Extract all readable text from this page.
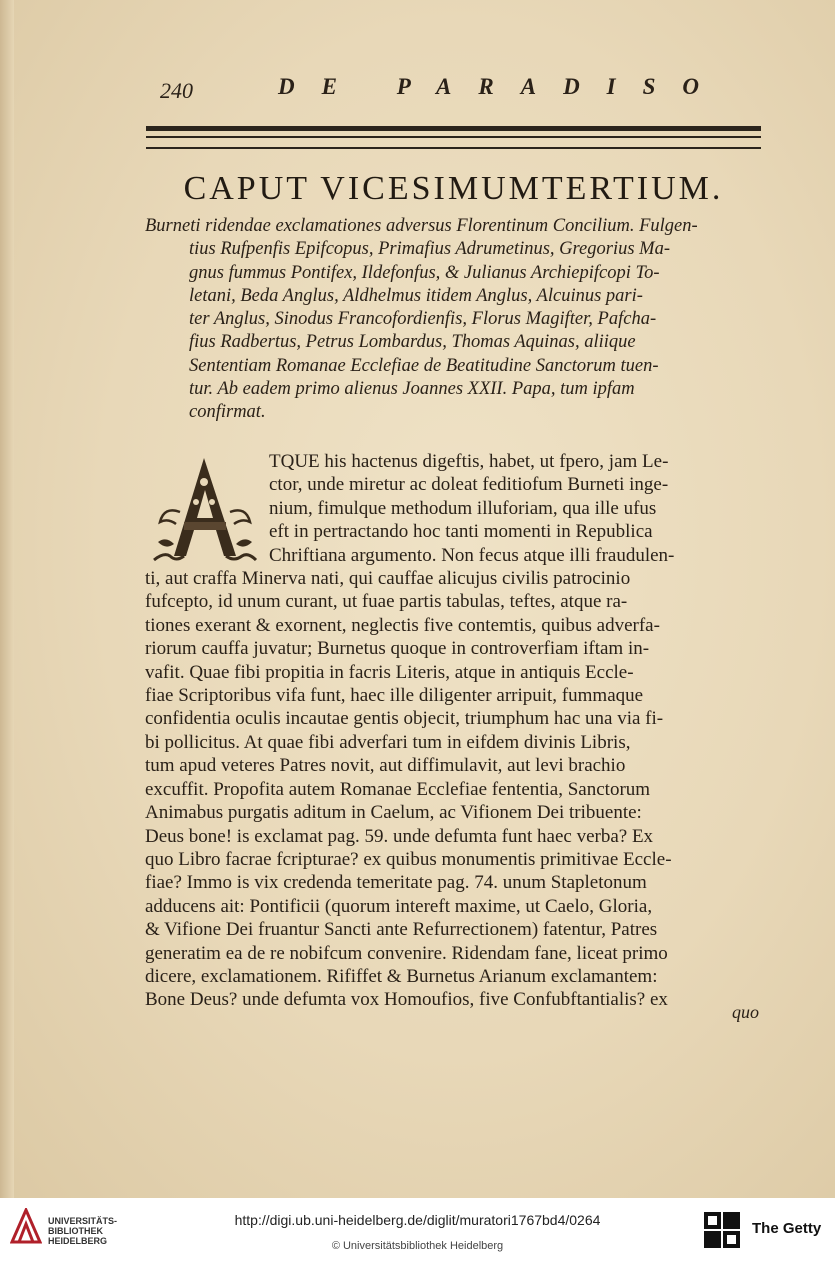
240	DE PARADISO
CAPUT VICESIMUMTERTIUM.
Burneti ridendae exclamationes adversus Florentinum Concilium. Fulgen-
tius Rufpenfis Epifcopus, Primafius Adrumetinus, Gregorius Ma-
gnus fummus Pontifex, Ildefonfus, & Julianus Archiepifcopi To-
letani, Beda Anglus, Aldhelmus itidem Anglus, Alcuinus pari-
ter Anglus, Sinodus Francofordienfis, Florus Magifter, Pafcha-
fius Radbertus, Petrus Lombardus, Thomas Aquinas, aliique
Sententiam Romanae Ecclefiae de Beatitudine Sanctorum tuen-
tur. Ab eadem primo alienus Joannes XXII. Papa, tum ipfam
confirmat.
TQUE his hactenus digeftis, habet, ut fpero, jam Le-
ctor, unde miretur ac doleat feditiofum Burneti inge-
nium, fimulque methodum illuforiam, qua ille ufus
eft in pertractando hoc tanti momenti in Republica
Chriftiana argumento. Non fecus atque illi fraudulen-
ti, aut craffa Minerva nati, qui cauffae alicujus civilis patrocinio
fufcepto, id unum curant, ut fuae partis tabulas, teftes, atque ra-
tiones exerant & exornent, neglectis five contemtis, quibus adverfa-
riorum cauffa juvatur; Burnetus quoque in controverfiam iftam in-
vafit. Quae fibi propitia in facris Literis, atque in antiquis Eccle-
fiae Scriptoribus vifa funt, haec ille diligenter arripuit, fummaque
confidentia oculis incautae gentis objecit, triumphum hac una via fi-
bi pollicitus. At quae fibi adverfari tum in eifdem divinis Libris,
tum apud veteres Patres novit, aut diffimulavit, aut levi brachio
excuffit. Propofita autem Romanae Ecclefiae fententia, Sanctorum
Animabus purgatis aditum in Caelum, ac Vifionem Dei tribuente:
Deus bone! is exclamat pag. 59. unde defumta funt haec verba? Ex
quo Libro facrae fcripturae? ex quibus monumentis primitivae Eccle-
fiae? Immo is vix credenda temeritate pag. 74. unum Stapletonum
adducens ait: Pontificii (quorum intereft maxime, ut Caelo, Gloria,
& Vifione Dei fruantur Sancti ante Refurrectionem) fatentur, Patres
generatim ea de re nobifcum convenire. Ridendam fane, liceat primo
dicere, exclamationem. Rififfet & Burnetus Arianum exclamantem:
Bone Deus? unde defumta vox Homoufios, five Confubftantialis? ex
quo
UNIVERSITÄTS-
BIBLIOTHEK
HEIDELBERG
http://digi.ub.uni-heidelberg.de/diglit/muratori1767bd4/0264
© Universitätsbibliothek Heidelberg
The Getty
